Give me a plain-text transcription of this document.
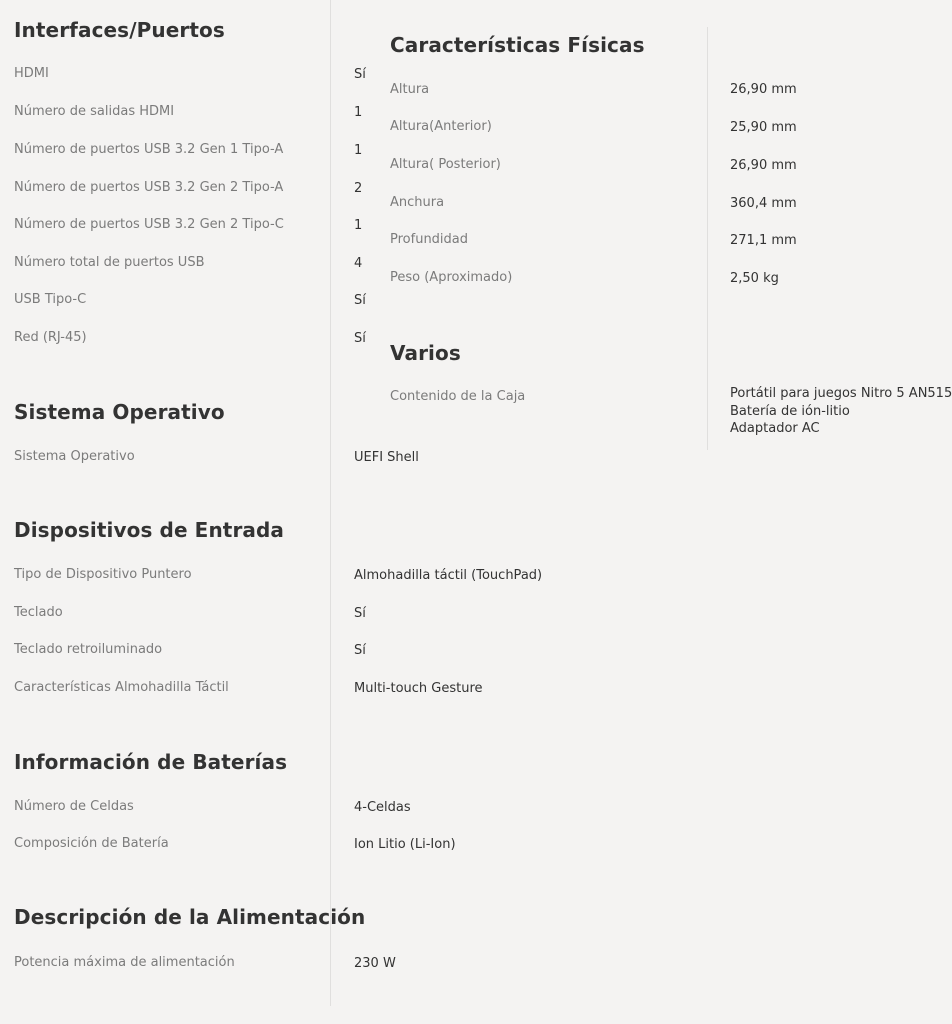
Interfaces/Puertos
HDMI	Sí
Número de salidas HDMI	1
Número de puertos USB 3.2 Gen 1 Tipo-A	1
Número de puertos USB 3.2 Gen 2 Tipo-A	2
Número de puertos USB 3.2 Gen 2 Tipo-C	1
Número total de puertos USB	4
USB Tipo-C	Sí
Red (RJ-45)	Sí
Sistema Operativo
Sistema Operativo	UEFI Shell
Dispositivos de Entrada
Tipo de Dispositivo Puntero	Almohadilla táctil (TouchPad)
Teclado	Sí
Teclado retroiluminado	Sí
Características Almohadilla Táctil	Multi-touch Gesture
Información de Baterías
Número de Celdas	4-Celdas
Composición de Batería	Ion Litio (Li-Ion)
Descripción de la Alimentación
Potencia máxima de alimentación	230 W
Características Físicas
Altura	26,90 mm
Altura(Anterior)	25,90 mm
Altura( Posterior)	26,90 mm
Anchura	360,4 mm
Profundidad	271,1 mm
Peso (Aproximado)	2,50 kg
Varios
Contenido de la Caja	Portátil para juegos Nitro 5 AN515
Batería de ión-litio
Adaptador AC
